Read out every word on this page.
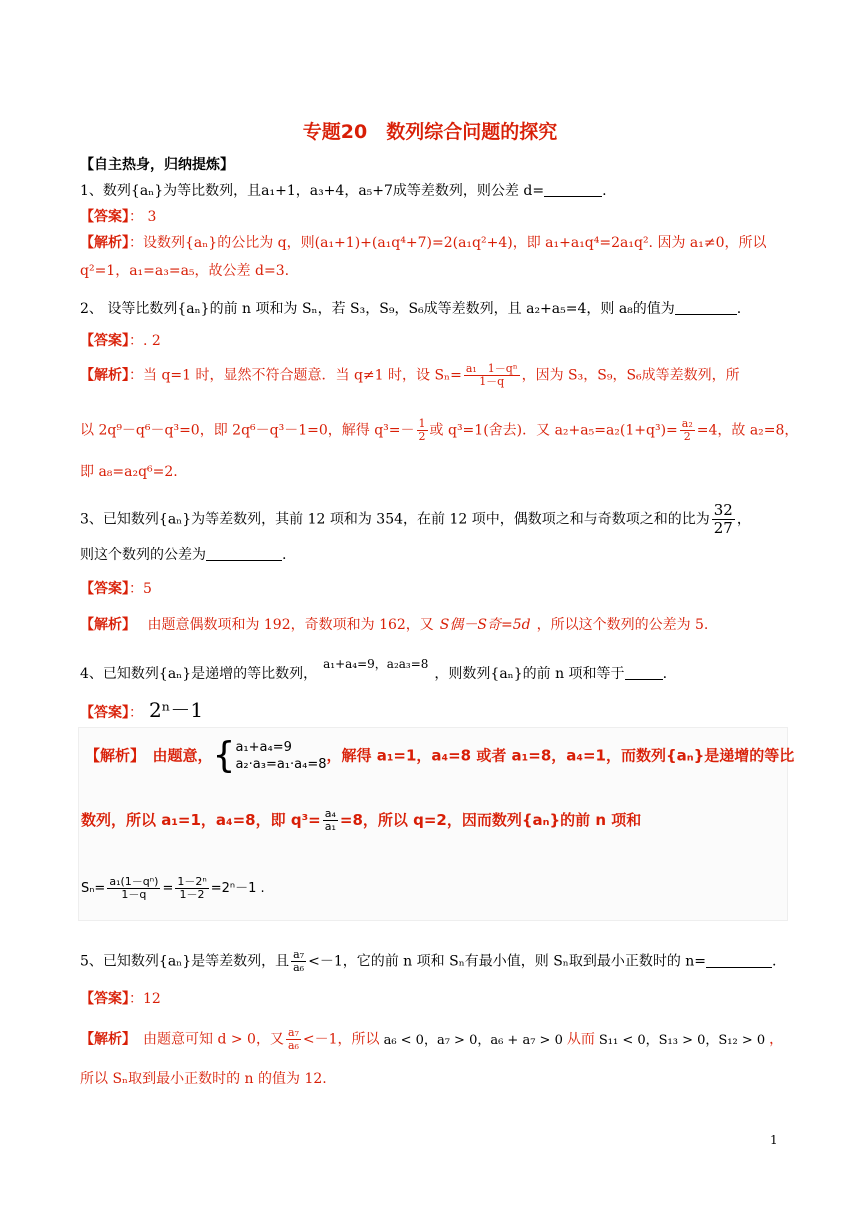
专题20　数列综合问题的探究
【自主热身，归纳提炼】
1、数列{aₙ}为等比数列，且a₁+1，a₃+4，a₅+7成等差数列，则公差 d=	.
【答案】： 3
【解析】：设数列{aₙ}的公比为 q，则(a₁+1)+(a₁q⁴+7)=2(a₁q²+4)，即 a₁+a₁q⁴=2a₁q². 因为 a₁≠0，所以
q²=1，a₁=a₃=a₅，故公差 d=3.
2、 设等比数列{aₙ}的前 n 项和为 Sₙ，若 S₃，S₉，S₆成等差数列，且 a₂+a₅=4，则 a₈的值为	.
【答案】：. 2
【解析】：当 q=1 时，显然不符合题意．当 q≠1 时，设 $S_n= \frac{\text{a₁　1－qⁿ}}{1-q}$ ，因为 S₃，S₉，S₆成等差数列，所
以 2q⁹－q⁶－q³=0，即 2q⁶－q³－1=0，解得 $q^3=- \frac{1}{2}$ 或 q³=1(舍去)．又 $a_2+a_5=a_2(1+q^3)= \frac{\text{a₂}}{2} =4$，故 a₂=8，
即 a₈=a₂q⁶=2.
3、已知数列{aₙ}为等差数列，其前 12 项和为 354，在前 12 项中，偶数项之和与奇数项之和的比为 $\frac{32}{27}$ ，
则这个数列的公差为	.
【答案】：5
【解析】　 由题意偶数项和为 192，奇数项和为 162，又 S偶－S奇=5d ，所以这个数列的公差为 5.
4、已知数列{aₙ}是递增的等比数列，a₁+a₄=9，a₂a₃=8，则数列{aₙ}的前 n 项和等于	.
【答案】： 2ⁿ－1
【解析】　 由题意，{ a₁+a₄=9
a₂·a₃=a₁·a₄=8 ，解得 a₁=1，a₄=8 或者 a₁=8，a₄=1，而数列{aₙ}是递增的等比
数列，所以 a₁=1，a₄=8，即 $q^3= \frac{\text{a₄}}{\text{a₁}} =8$，所以 q=2，因而数列{aₙ}的前 n 项和
$S_n= \frac{\text{a₁(1－qⁿ)}}{1-q} = \frac{\text{1－2ⁿ}}{1-2} =2^n-1$ .
5、已知数列{aₙ}是等差数列，且 $\frac{\text{a₇}}{\text{a₆}} <-1$，它的前 n 项和 Sₙ有最小值，则 Sₙ取到最小正数时的 n=	.
【答案】：12
【解析】　 由题意可知 d > 0，又 $\frac{\text{a₇}}{\text{a₆}} <-1$，所以 a₆ < 0，a₇ > 0，a₆ + a₇ > 0 从而 S₁₁ < 0，S₁₃ > 0，S₁₂ > 0 ，
所以 Sₙ取到最小正数时的 n 的值为 12.
1
